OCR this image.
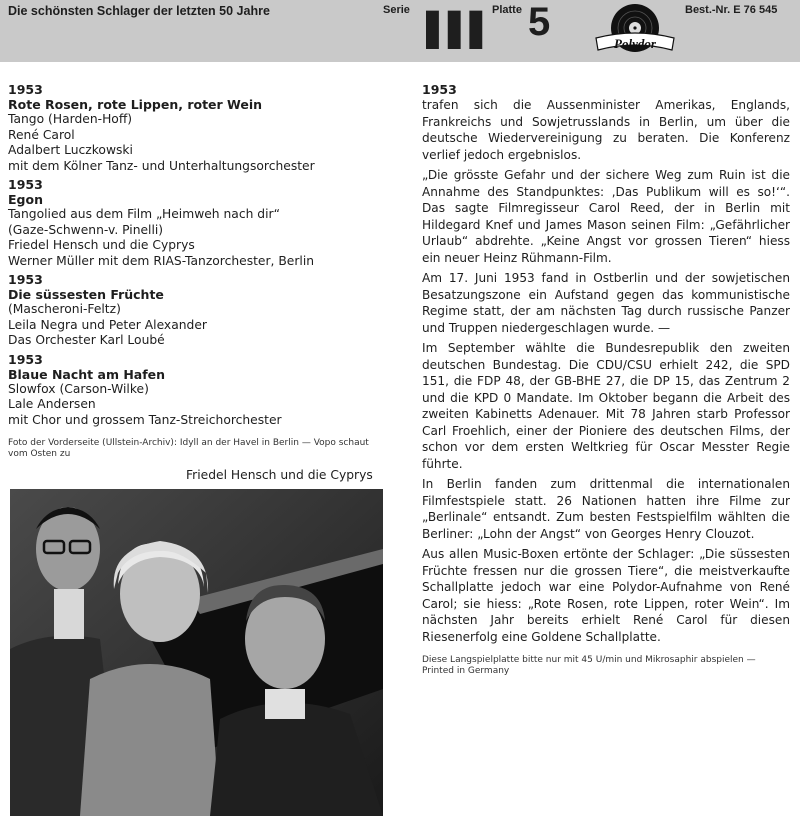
Die schönsten Schlager der letzten 50 Jahre	Serie III Platte 5	Polydor
Best.-Nr. E 76 545
1953
Rote Rosen, rote Lippen, roter Wein
Tango (Harden-Hoff)
René Carol
Adalbert Luczkowski
mit dem Kölner Tanz- und Unterhaltungsorchester
1953
Egon
Tangolied aus dem Film „Heimweh nach dir“
(Gaze-Schwenn-v. Pinelli)
Friedel Hensch und die Cyprys
Werner Müller mit dem RIAS-Tanzorchester, Berlin
1953
Die süssesten Früchte
(Mascheroni-Feltz)
Leila Negra und Peter Alexander
Das Orchester Karl Loubé
1953
Blaue Nacht am Hafen
Slowfox (Carson-Wilke)
Lale Andersen
mit Chor und grossem Tanz-Streichorchester
Foto der Vorderseite (Ullstein-Archiv): Idyll an der Havel in Berlin — Vopo schaut vom Osten zu
Friedel Hensch und die Cyprys
1953

trafen sich die Aussenminister Amerikas, Englands, Frankreichs und Sowjetrusslands in Berlin, um über die deutsche Wiedervereinigung zu beraten. Die Konferenz verlief jedoch ergebnislos.

„Die grösste Gefahr und der sichere Weg zum Ruin ist die Annahme des Standpunktes: ‚Das Publikum will es so!‘“. Das sagte Filmregisseur Carol Reed, der in Berlin mit Hildegard Knef und James Mason seinen Film: „Gefährlicher Urlaub“ abdrehte. „Keine Angst vor grossen Tieren“ hiess ein neuer Heinz Rühmann-Film.

Am 17. Juni 1953 fand in Ostberlin und der sowjetischen Besatzungszone ein Aufstand gegen das kommunistische Regime statt, der am nächsten Tag durch russische Panzer und Truppen niedergeschlagen wurde. —

Im September wählte die Bundesrepublik den zweiten deutschen Bundestag. Die CDU/CSU erhielt 242, die SPD 151, die FDP 48, der GB-BHE 27, die DP 15, das Zentrum 2 und die KPD 0 Mandate. Im Oktober begann die Arbeit des zweiten Kabinetts Adenauer. Mit 78 Jahren starb Professor Carl Froehlich, einer der Pioniere des deutschen Films, der schon vor dem ersten Weltkrieg für Oscar Messter Regie führte.

In Berlin fanden zum drittenmal die internationalen Filmfestspiele statt. 26 Nationen hatten ihre Filme zur „Berlinale“ entsandt. Zum besten Festspielfilm wählten die Berliner: „Lohn der Angst“ von Georges Henry Clouzot.

Aus allen Music-Boxen ertönte der Schlager: „Die süssesten Früchte fressen nur die grossen Tiere“, die meistverkaufte Schallplatte jedoch war eine Polydor-Aufnahme von René Carol; sie hiess: „Rote Rosen, rote Lippen, roter Wein“. Im nächsten Jahr bereits erhielt René Carol für diesen Riesenerfolg eine Goldene Schallplatte.

Diese Langspielplatte bitte nur mit 45 U/min und Mikrosaphir abspielen — Printed in Germany
